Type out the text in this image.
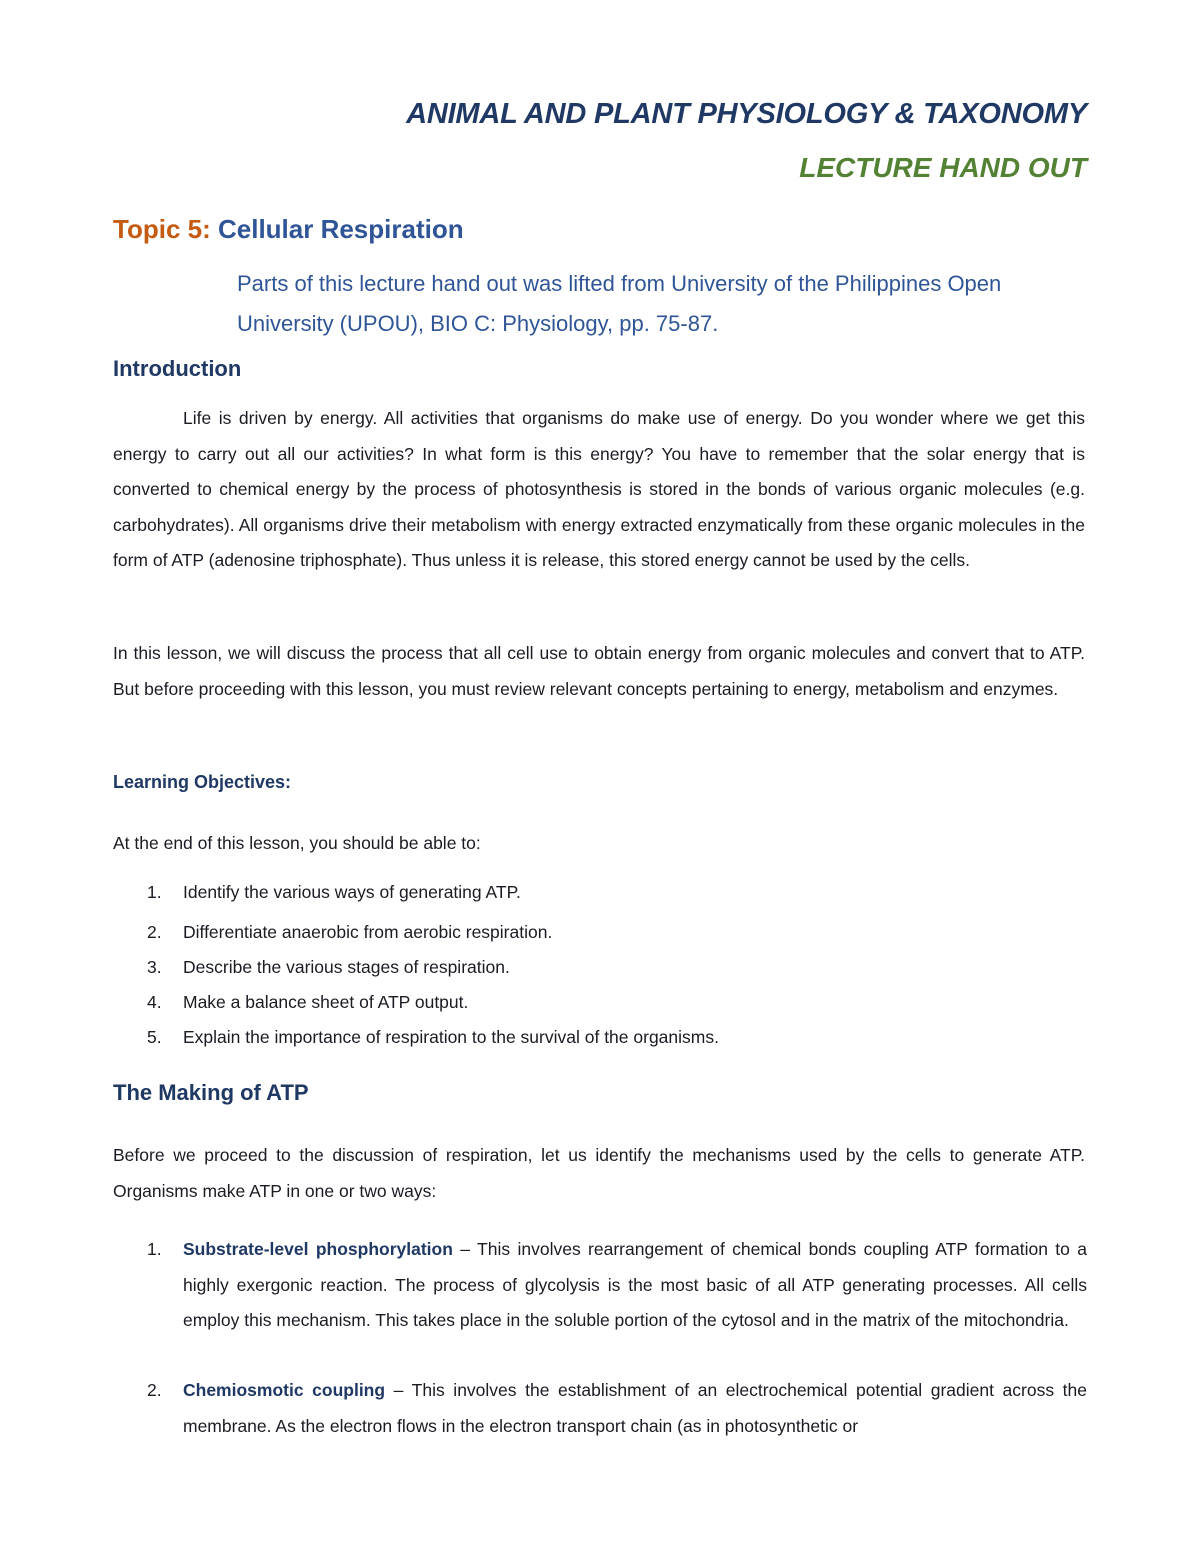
ANIMAL AND PLANT PHYSIOLOGY & TAXONOMY
LECTURE HAND OUT
Topic 5: Cellular Respiration
Parts of this lecture hand out was lifted from University of the Philippines Open University (UPOU), BIO C: Physiology, pp. 75-87.
Introduction
Life is driven by energy. All activities that organisms do make use of energy. Do you wonder where we get this energy to carry out all our activities? In what form is this energy? You have to remember that the solar energy that is converted to chemical energy by the process of photosynthesis is stored in the bonds of various organic molecules (e.g. carbohydrates). All organisms drive their metabolism with energy extracted enzymatically from these organic molecules in the form of ATP (adenosine triphosphate). Thus unless it is release, this stored energy cannot be used by the cells.
In this lesson, we will discuss the process that all cell use to obtain energy from organic molecules and convert that to ATP. But before proceeding with this lesson, you must review relevant concepts pertaining to energy, metabolism and enzymes.
Learning Objectives:
At the end of this lesson, you should be able to:
1. Identify the various ways of generating ATP.
2. Differentiate anaerobic from aerobic respiration.
3. Describe the various stages of respiration.
4. Make a balance sheet of ATP output.
5. Explain the importance of respiration to the survival of the organisms.
The Making of ATP
Before we proceed to the discussion of respiration, let us identify the mechanisms used by the cells to generate ATP. Organisms make ATP in one or two ways:
1. Substrate-level phosphorylation – This involves rearrangement of chemical bonds coupling ATP formation to a highly exergonic reaction. The process of glycolysis is the most basic of all ATP generating processes. All cells employ this mechanism. This takes place in the soluble portion of the cytosol and in the matrix of the mitochondria.
2. Chemiosmotic coupling – This involves the establishment of an electrochemical potential gradient across the membrane. As the electron flows in the electron transport chain (as in photosynthetic or
